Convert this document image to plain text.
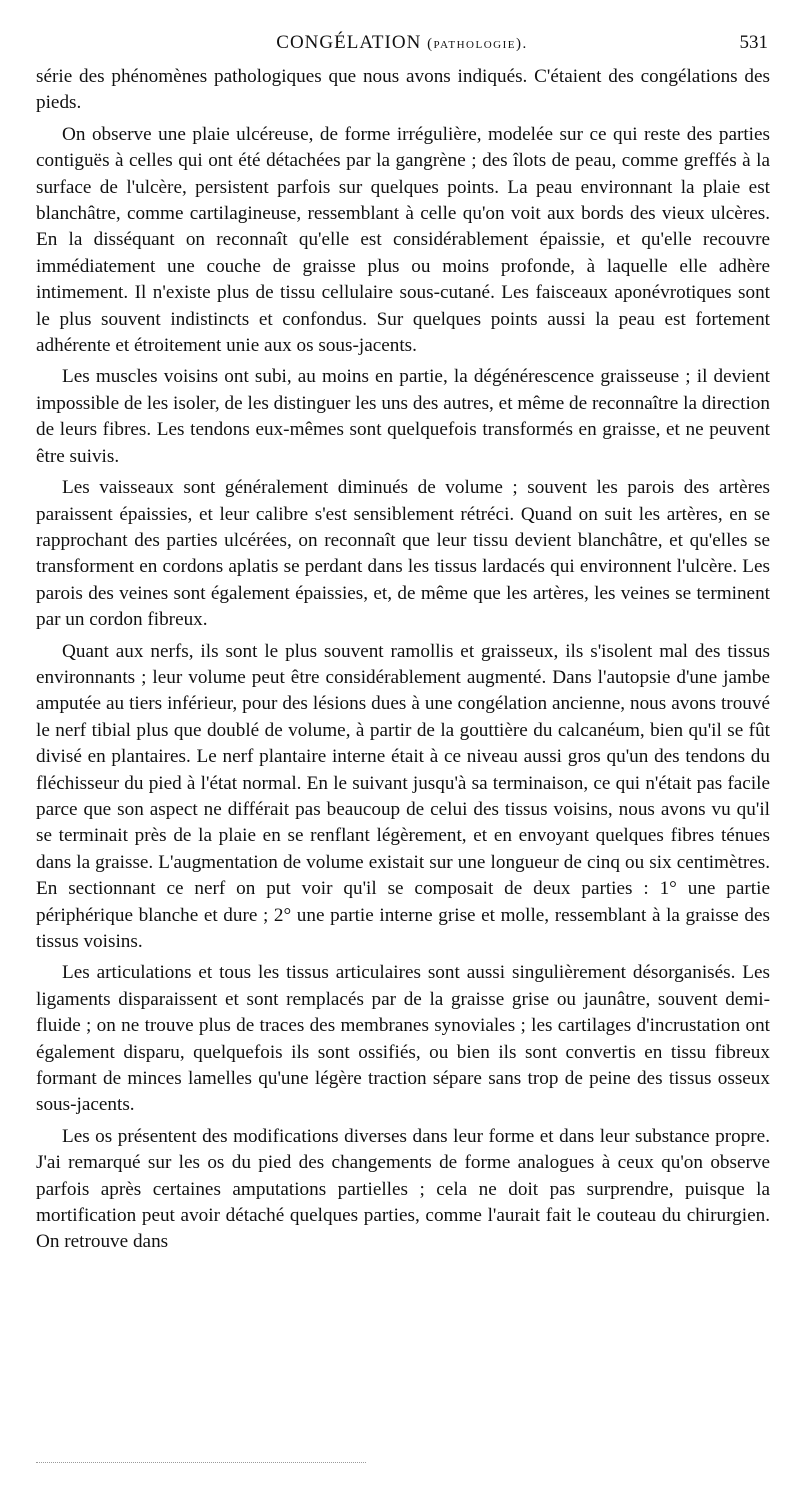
CONGÉLATION (pathologie).	531

série des phénomènes pathologiques que nous avons indiqués. C'étaient des congélations des pieds.

On observe une plaie ulcéreuse, de forme irrégulière, modelée sur ce qui reste des parties contiguës à celles qui ont été détachées par la gangrène ; des îlots de peau, comme greffés à la surface de l'ulcère, persistent parfois sur quelques points. La peau environnant la plaie est blanchâtre, comme cartilagineuse, ressemblant à celle qu'on voit aux bords des vieux ulcères. En la disséquant on reconnaît qu'elle est considérablement épaissie, et qu'elle recouvre immédiatement une couche de graisse plus ou moins profonde, à laquelle elle adhère intimement. Il n'existe plus de tissu cellulaire sous-cutané. Les faisceaux aponévrotiques sont le plus souvent indistincts et confondus. Sur quelques points aussi la peau est fortement adhérente et étroitement unie aux os sous-jacents.

Les muscles voisins ont subi, au moins en partie, la dégénérescence graisseuse ; il devient impossible de les isoler, de les distinguer les uns des autres, et même de reconnaître la direction de leurs fibres. Les tendons eux-mêmes sont quelquefois transformés en graisse, et ne peuvent être suivis.

Les vaisseaux sont généralement diminués de volume ; souvent les parois des artères paraissent épaissies, et leur calibre s'est sensiblement rétréci. Quand on suit les artères, en se rapprochant des parties ulcérées, on reconnaît que leur tissu devient blanchâtre, et qu'elles se transforment en cordons aplatis se perdant dans les tissus lardacés qui environnent l'ulcère. Les parois des veines sont également épaissies, et, de même que les artères, les veines se terminent par un cordon fibreux.

Quant aux nerfs, ils sont le plus souvent ramollis et graisseux, ils s'isolent mal des tissus environnants ; leur volume peut être considérablement augmenté. Dans l'autopsie d'une jambe amputée au tiers inférieur, pour des lésions dues à une congélation ancienne, nous avons trouvé le nerf tibial plus que doublé de volume, à partir de la gouttière du calcanéum, bien qu'il se fût divisé en plantaires. Le nerf plantaire interne était à ce niveau aussi gros qu'un des tendons du fléchisseur du pied à l'état normal. En le suivant jusqu'à sa terminaison, ce qui n'était pas facile parce que son aspect ne différait pas beaucoup de celui des tissus voisins, nous avons vu qu'il se terminait près de la plaie en se renflant légèrement, et en envoyant quelques fibres ténues dans la graisse. L'augmentation de volume existait sur une longueur de cinq ou six centimètres. En sectionnant ce nerf on put voir qu'il se composait de deux parties : 1° une partie périphérique blanche et dure ; 2° une partie interne grise et molle, ressemblant à la graisse des tissus voisins.

Les articulations et tous les tissus articulaires sont aussi singulièrement désorganisés. Les ligaments disparaissent et sont remplacés par de la graisse grise ou jaunâtre, souvent demi-fluide ; on ne trouve plus de traces des membranes synoviales ; les cartilages d'incrustation ont également disparu, quelquefois ils sont ossifiés, ou bien ils sont convertis en tissu fibreux formant de minces lamelles qu'une légère traction sépare sans trop de peine des tissus osseux sous-jacents.

Les os présentent des modifications diverses dans leur forme et dans leur substance propre. J'ai remarqué sur les os du pied des changements de forme analogues à ceux qu'on observe parfois après certaines amputations partielles ; cela ne doit pas surprendre, puisque la mortification peut avoir détaché quelques parties, comme l'aurait fait le couteau du chirurgien. On retrouve dans
